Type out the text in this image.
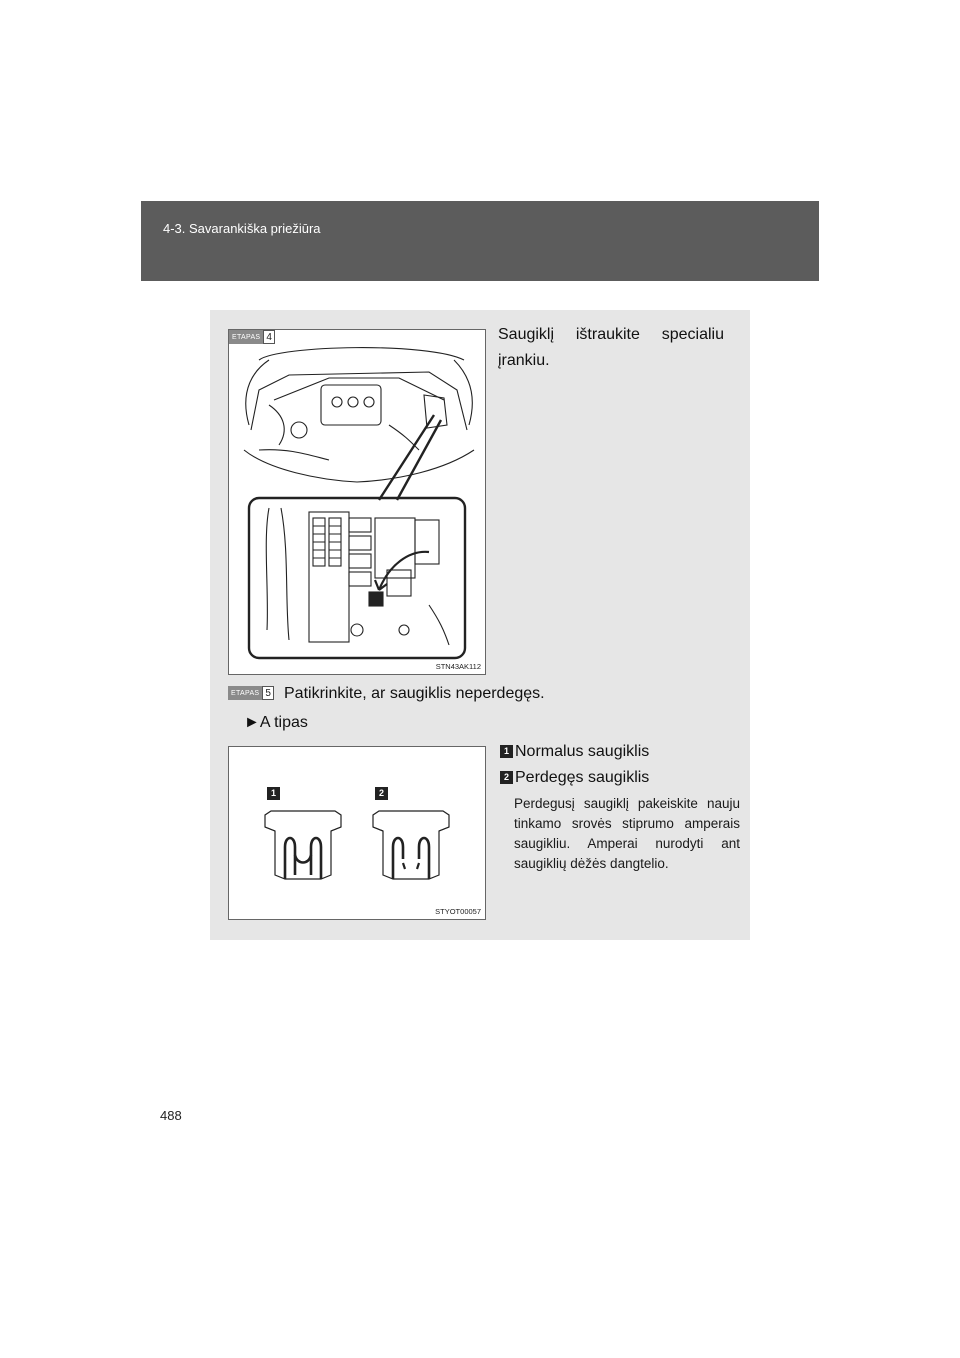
4-3. Savarankiška priežiūra
ETAPAS 4
STN43AK112
Saugiklį ištraukite specialiu įrankiu.
ETAPAS 5 Patikrinkite, ar saugiklis neperdegęs.
►A tipas
1	2
STYOT00057
1 Normalus saugiklis
2 Perdegęs saugiklis
Perdegusį saugiklį pakeiskite nauju tinkamo srovės stiprumo amperais saugikliu. Amperai nurodyti ant saugiklių dėžės dangtelio.
488
